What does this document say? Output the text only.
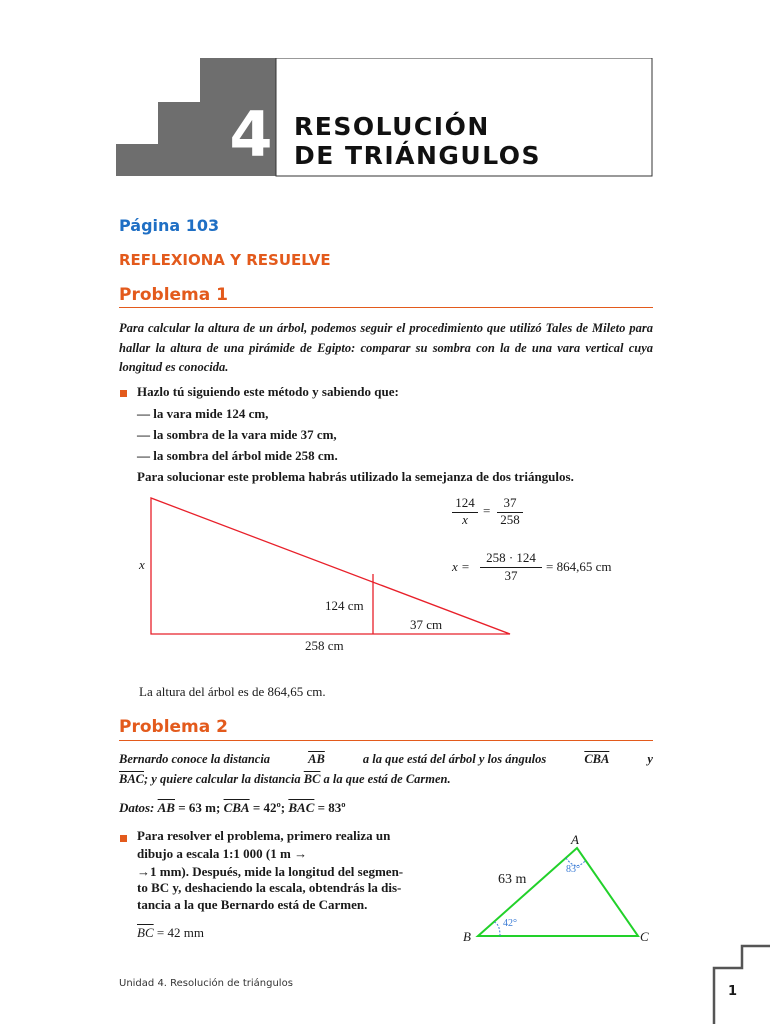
4 RESOLUCIÓN
DE TRIÁNGULOS
Página 103
REFLEXIONA Y RESUELVE
Problema 1
Para calcular la altura de un árbol, podemos seguir el procedimiento que utilizó Tales de Mileto para hallar la altura de una pirámide de Egipto: comparar su sombra con la de una vara vertical cuya longitud es conocida.
Hazlo tú siguiendo este método y sabiendo que:
— la vara mide 124 cm,
— la sombra de la vara mide 37 cm,
— la sombra del árbol mide 258 cm.
Para solucionar este problema habrás utilizado la semejanza de dos triángulos.
124
x
=
37
258
x =
258 · 124
37
= 864,65 cm
x
124 cm
37 cm
258 cm
La altura del árbol es de 864,65 cm.
Problema 2
Bernardo conoce la distancia	$\overline{AB}$	a la que está del árbol y los ángulos	$\overline{CBA}$	y
$\overline{BAC}$; y quiere calcular la distancia $\overline{BC}$ a la que está de Carmen.
Datos: $\overline{AB} = 63$ m; $\overline{CBA}$ = 42º; $\overline{BAC}$ = 83º
Para resolver el problema, primero realiza un
dibujo a escala 1:1 000 (1 m →
→1 mm). Después, mide la longitud del segmen-
to BC y, deshaciendo la escala, obtendrás la dis-
tancia a la que Bernardo está de Carmen.
$\overline{BC} = 42$ mm
A
B	C
63 m
83°
42°
Unidad 4. Resolución de triángulos
1
